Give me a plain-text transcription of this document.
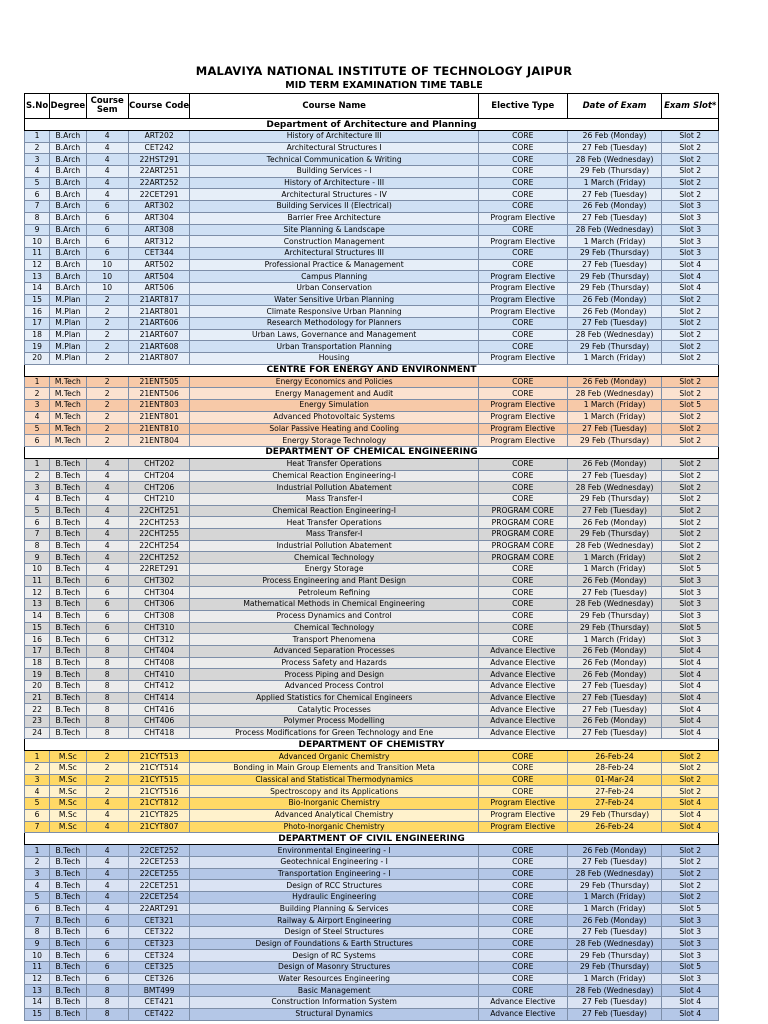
MALAVIYA NATIONAL INSTITUTE OF TECHNOLOGY JAIPUR
MID TERM EXAMINATION TIME TABLE
S.No	Degree	Course Sem	Course Code	Course Name	Elective Type	Date of Exam	Exam Slot*
Department of Architecture and Planning							
1	B.Arch	4	ART202	History of Architecture III	CORE	26 Feb (Monday)	Slot 2
2	B.Arch	4	CET242	Architectural Structures I	CORE	27 Feb (Tuesday)	Slot 2
3	B.Arch	4	22HST291	Technical Communication & Writing	CORE	28 Feb (Wednesday)	Slot 2
4	B.Arch	4	22ART251	Building Services - I	CORE	29 Feb (Thursday)	Slot 2
5	B.Arch	4	22ART252	History of Architecture - III	CORE	1 March (Friday)	Slot 2
6	B.Arch	4	22CET291	Architectural Structures - IV	CORE	27 Feb (Tuesday)	Slot 2
7	B.Arch	6	ART302	Building Services II (Electrical)	CORE	26 Feb (Monday)	Slot 3
8	B.Arch	6	ART304	Barrier Free Architecture	Program Elective	27 Feb (Tuesday)	Slot 3
9	B.Arch	6	ART308	Site Planning & Landscape	CORE	28 Feb (Wednesday)	Slot 3
10	B.Arch	6	ART312	Construction Management	Program Elective	1 March (Friday)	Slot 3
11	B.Arch	6	CET344	Architectural Structures III	CORE	29 Feb (Thursday)	Slot 3
12	B.Arch	10	ART502	Professional Practice & Management	CORE	27 Feb (Tuesday)	Slot 4
13	B.Arch	10	ART504	Campus Planning	Program Elective	29 Feb (Thursday)	Slot 4
14	B.Arch	10	ART506	Urban Conservation	Program Elective	29 Feb (Thursday)	Slot 4
15	M.Plan	2	21ART817	Water Sensitive Urban Planning	Program Elective	26 Feb (Monday)	Slot 2
16	M.Plan	2	21ART801	Climate Responsive Urban Planning	Program Elective	26 Feb (Monday)	Slot 2
17	M.Plan	2	21ART606	Research Methodology for Planners	CORE	27 Feb (Tuesday)	Slot 2
18	M.Plan	2	21ART607	Urban Laws, Governance and Management	CORE	28 Feb (Wednesday)	Slot 2
19	M.Plan	2	21ART608	Urban Transportation Planning	CORE	29 Feb (Thursday)	Slot 2
20	M.Plan	2	21ART807	Housing	Program Elective	1 March (Friday)	Slot 2
CENTRE FOR ENERGY AND ENVIRONMENT							
1	M.Tech	2	21ENT505	Energy Economics and Policies	CORE	26 Feb (Monday)	Slot 2
2	M.Tech	2	21ENT506	Energy Management and Audit	CORE	28 Feb (Wednesday)	Slot 2
3	M.Tech	2	21ENT803	Energy Simulation	Program Elective	1 March (Friday)	Slot 5
4	M.Tech	2	21ENT801	Advanced Photovoltaic Systems	Program Elective	1 March (Friday)	Slot 2
5	M.Tech	2	21ENT810	Solar Passive Heating and Cooling	Program Elective	27 Feb (Tuesday)	Slot 2
6	M.Tech	2	21ENT804	Energy Storage Technology	Program Elective	29 Feb (Thursday)	Slot 2
DEPARTMENT OF CHEMICAL ENGINEERING							
1	B.Tech	4	CHT202	Heat Transfer Operations	CORE	26 Feb (Monday)	Slot 2
2	B.Tech	4	CHT204	Chemical Reaction Engineering-I	CORE	27 Feb (Tuesday)	Slot 2
3	B.Tech	4	CHT206	Industrial Pollution Abatement	CORE	28 Feb (Wednesday)	Slot 2
4	B.Tech	4	CHT210	Mass Transfer-I	CORE	29 Feb (Thursday)	Slot 2
5	B.Tech	4	22CHT251	Chemical Reaction Engineering-I	PROGRAM CORE	27 Feb (Tuesday)	Slot 2
6	B.Tech	4	22CHT253	Heat Transfer Operations	PROGRAM CORE	26 Feb (Monday)	Slot 2
7	B.Tech	4	22CHT255	Mass Transfer-I	PROGRAM CORE	29 Feb (Thursday)	Slot 2
8	B.Tech	4	22CHT254	Industrial Pollution Abatement	PROGRAM CORE	28 Feb (Wednesday)	Slot 2
9	B.Tech	4	22CHT252	Chemical Technology	PROGRAM CORE	1 March (Friday)	Slot 2
10	B.Tech	4	22RET291	Energy Storage	CORE	1 March (Friday)	Slot 5
11	B.Tech	6	CHT302	Process Engineering and Plant Design	CORE	26 Feb (Monday)	Slot 3
12	B.Tech	6	CHT304	Petroleum Refining	CORE	27 Feb (Tuesday)	Slot 3
13	B.Tech	6	CHT306	Mathematical Methods in Chemical Engineering	CORE	28 Feb (Wednesday)	Slot 3
14	B.Tech	6	CHT308	Process Dynamics and Control	CORE	29 Feb (Thursday)	Slot 3
15	B.Tech	6	CHT310	Chemical Technology	CORE	29 Feb (Thursday)	Slot 5
16	B.Tech	6	CHT312	Transport Phenomena	CORE	1 March (Friday)	Slot 3
17	B.Tech	8	CHT404	Advanced Separation Processes	Advance Elective	26 Feb (Monday)	Slot 4
18	B.Tech	8	CHT408	Process Safety and Hazards	Advance Elective	26 Feb (Monday)	Slot 4
19	B.Tech	8	CHT410	Process Piping and Design	Advance Elective	26 Feb (Monday)	Slot 4
20	B.Tech	8	CHT412	Advanced Process Control	Advance Elective	27 Feb (Tuesday)	Slot 4
21	B.Tech	8	CHT414	Applied Statistics for Chemical Engineers	Advance Elective	27 Feb (Tuesday)	Slot 4
22	B.Tech	8	CHT416	Catalytic Processes	Advance Elective	27 Feb (Tuesday)	Slot 4
23	B.Tech	8	CHT406	Polymer Process Modelling	Advance Elective	26 Feb (Monday)	Slot 4
24	B.Tech	8	CHT418	Process Modifications for Green Technology and Ene	Advance Elective	27 Feb (Tuesday)	Slot 4
DEPARTMENT OF CHEMISTRY							
1	M.Sc	2	21CYT513	Advanced Organic Chemistry	CORE	26-Feb-24	Slot 2
2	M.Sc	2	21CYT514	Bonding in Main Group Elements and Transition Meta	CORE	28-Feb-24	Slot 2
3	M.Sc	2	21CYT515	Classical and Statistical Thermodynamics	CORE	01-Mar-24	Slot 2
4	M.Sc	2	21CYT516	Spectroscopy and its Applications	CORE	27-Feb-24	Slot 2
5	M.Sc	4	21CYT812	Bio-Inorganic Chemistry	Program Elective	27-Feb-24	Slot 4
6	M.Sc	4	21CYT825	Advanced Analytical Chemistry	Program Elective	29 Feb (Thursday)	Slot 4
7	M.Sc	4	21CYT807	Photo-Inorganic Chemistry	Program Elective	26-Feb-24	Slot 4
DEPARTMENT OF CIVIL ENGINEERING							
1	B.Tech	4	22CET252	Environmental Engineering - I	CORE	26 Feb (Monday)	Slot 2
2	B.Tech	4	22CET253	Geotechnical Engineering - I	CORE	27 Feb (Tuesday)	Slot 2
3	B.Tech	4	22CET255	Transportation Engineering - I	CORE	28 Feb (Wednesday)	Slot 2
4	B.Tech	4	22CET251	Design of RCC Structures	CORE	29 Feb (Thursday)	Slot 2
5	B.Tech	4	22CET254	Hydraulic Engineering	CORE	1 March (Friday)	Slot 2
6	B.Tech	4	22ART291	Building Planning & Services	CORE	1 March (Friday)	Slot 5
7	B.Tech	6	CET321	Railway & Airport Engineering	CORE	26 Feb (Monday)	Slot 3
8	B.Tech	6	CET322	Design of Steel Structures	CORE	27 Feb (Tuesday)	Slot 3
9	B.Tech	6	CET323	Design of Foundations & Earth Structures	CORE	28 Feb (Wednesday)	Slot 3
10	B.Tech	6	CET324	Design of RC Systems	CORE	29 Feb (Thursday)	Slot 3
11	B.Tech	6	CET325	Design of Masonry Structures	CORE	29 Feb (Thursday)	Slot 5
12	B.Tech	6	CET326	Water Resources Engineering	CORE	1 March (Friday)	Slot 3
13	B.Tech	8	BMT499	Basic Management	CORE	28 Feb (Wednesday)	Slot 4
14	B.Tech	8	CET421	Construction Information System	Advance Elective	27 Feb (Tuesday)	Slot 4
15	B.Tech	8	CET422	Structural Dynamics	Advance Elective	27 Feb (Tuesday)	Slot 4
